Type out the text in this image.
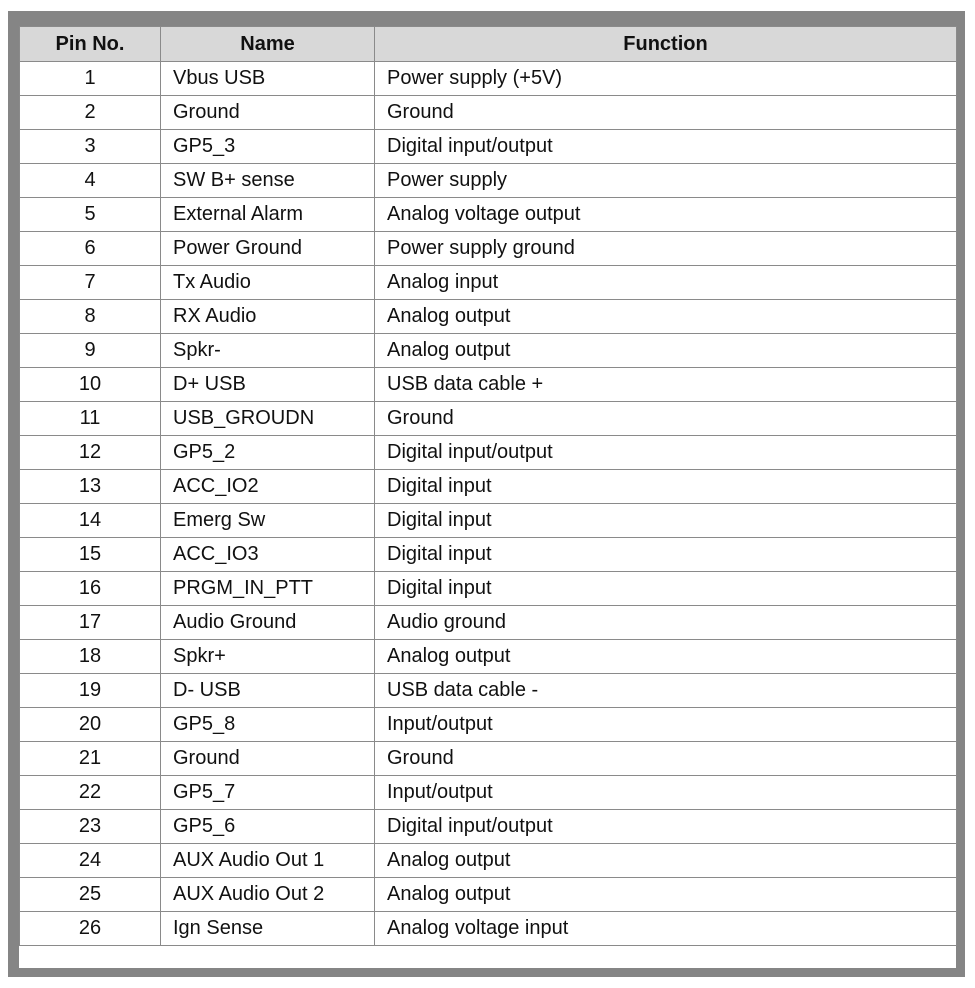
Pin No.	Name	Function
1	Vbus USB	Power supply (+5V)
2	Ground	Ground
3	GP5_3	Digital input/output
4	SW B+ sense	Power supply
5	External Alarm	Analog voltage output
6	Power Ground	Power supply ground
7	Tx Audio	Analog input
8	RX Audio	Analog output
9	Spkr-	Analog output
10	D+ USB	USB data cable +
11	USB_GROUDN	Ground
12	GP5_2	Digital input/output
13	ACC_IO2	Digital input
14	Emerg Sw	Digital input
15	ACC_IO3	Digital input
16	PRGM_IN_PTT	Digital input
17	Audio Ground	Audio ground
18	Spkr+	Analog output
19	D- USB	USB data cable -
20	GP5_8	Input/output
21	Ground	Ground
22	GP5_7	Input/output
23	GP5_6	Digital input/output
24	AUX Audio Out 1	Analog output
25	AUX Audio Out 2	Analog output
26	Ign Sense	Analog voltage input
